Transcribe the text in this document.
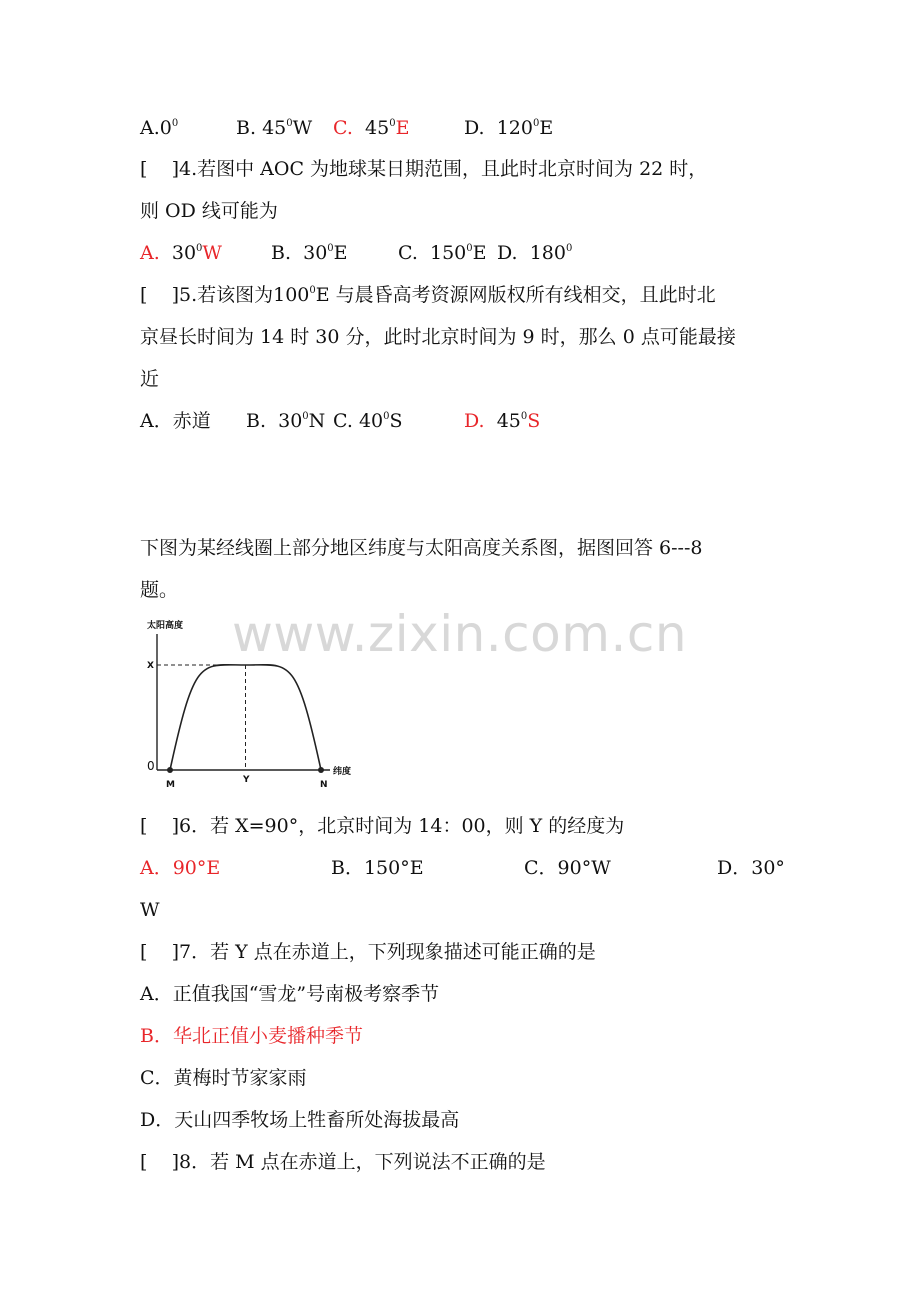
$A.0^0$	B. $45^0W$ C. $45^0E$	D. $120^0E$
[    ]4.若图中 AOC 为地球某日期范围，且此时北京时间为 22 时，
则 OD 线可能为
A. $30^0W$	B. $30^0E$	C. $150^0E$ D. $180^0$
[    ]5.若该图为$100^0E$ 与晨昏高考资源网版权所有线相交，且此时北
京昼长时间为 14 时 30 分，此时北京时间为 9 时，那么 0 点可能最接
近
A．赤道 B. $30^0N$ C. $40^0S$	D. $45^0S$
下图为某经线圈上部分地区纬度与太阳高度关系图，据图回答 6---8
题。
www.zixin.com.cn
太阳高度
纬度
X
0
M	Y	N
[    ]6．若 X=90°，北京时间为 14：00，则 Y 的经度为
A．90°E	B．150°E	C．90°W	D．30°
W
[    ]7．若 Y 点在赤道上，下列现象描述可能正确的是
A．正值我国“雪龙”号南极考察季节
B．华北正值小麦播种季节
C．黄梅时节家家雨
D．天山四季牧场上牲畜所处海拔最高
[    ]8．若 M 点在赤道上，下列说法不正确的是
